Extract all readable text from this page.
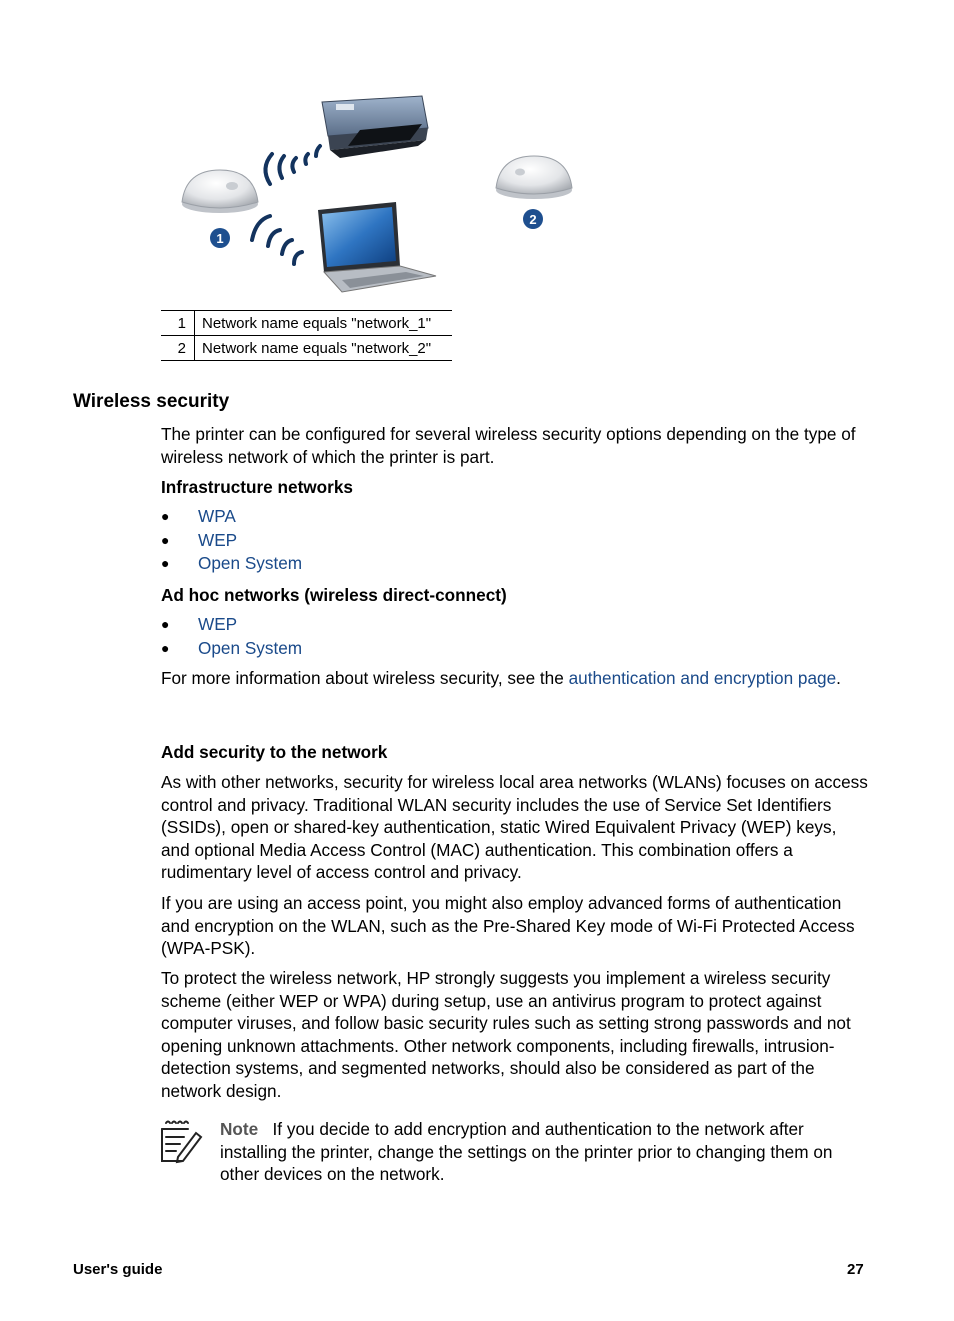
1
2
1	Network name equals "network_1"
2	Network name equals "network_2"
Wireless security

The printer can be configured for several wireless security options depending on the type of wireless network of which the printer is part.

Infrastructure networks

● WPA
● WEP
● Open System

Ad hoc networks (wireless direct-connect)

● WEP
● Open System

For more information about wireless security, see the authentication and encryption page.

Add security to the network

As with other networks, security for wireless local area networks (WLANs) focuses on access control and privacy. Traditional WLAN security includes the use of Service Set Identifiers (SSIDs), open or shared-key authentication, static Wired Equivalent Privacy (WEP) keys, and optional Media Access Control (MAC) authentication. This combination offers a rudimentary level of access control and privacy.

If you are using an access point, you might also employ advanced forms of authentication and encryption on the WLAN, such as the Pre-Shared Key mode of Wi-Fi Protected Access (WPA-PSK).

To protect the wireless network, HP strongly suggests you implement a wireless security scheme (either WEP or WPA) during setup, use an antivirus program to protect against computer viruses, and follow basic security rules such as setting strong passwords and not opening unknown attachments. Other network components, including firewalls, intrusion-detection systems, and segmented networks, should also be considered as part of the network design.

Note If you decide to add encryption and authentication to the network after installing the printer, change the settings on the printer prior to changing them on other devices on the network.

User's guide	27
